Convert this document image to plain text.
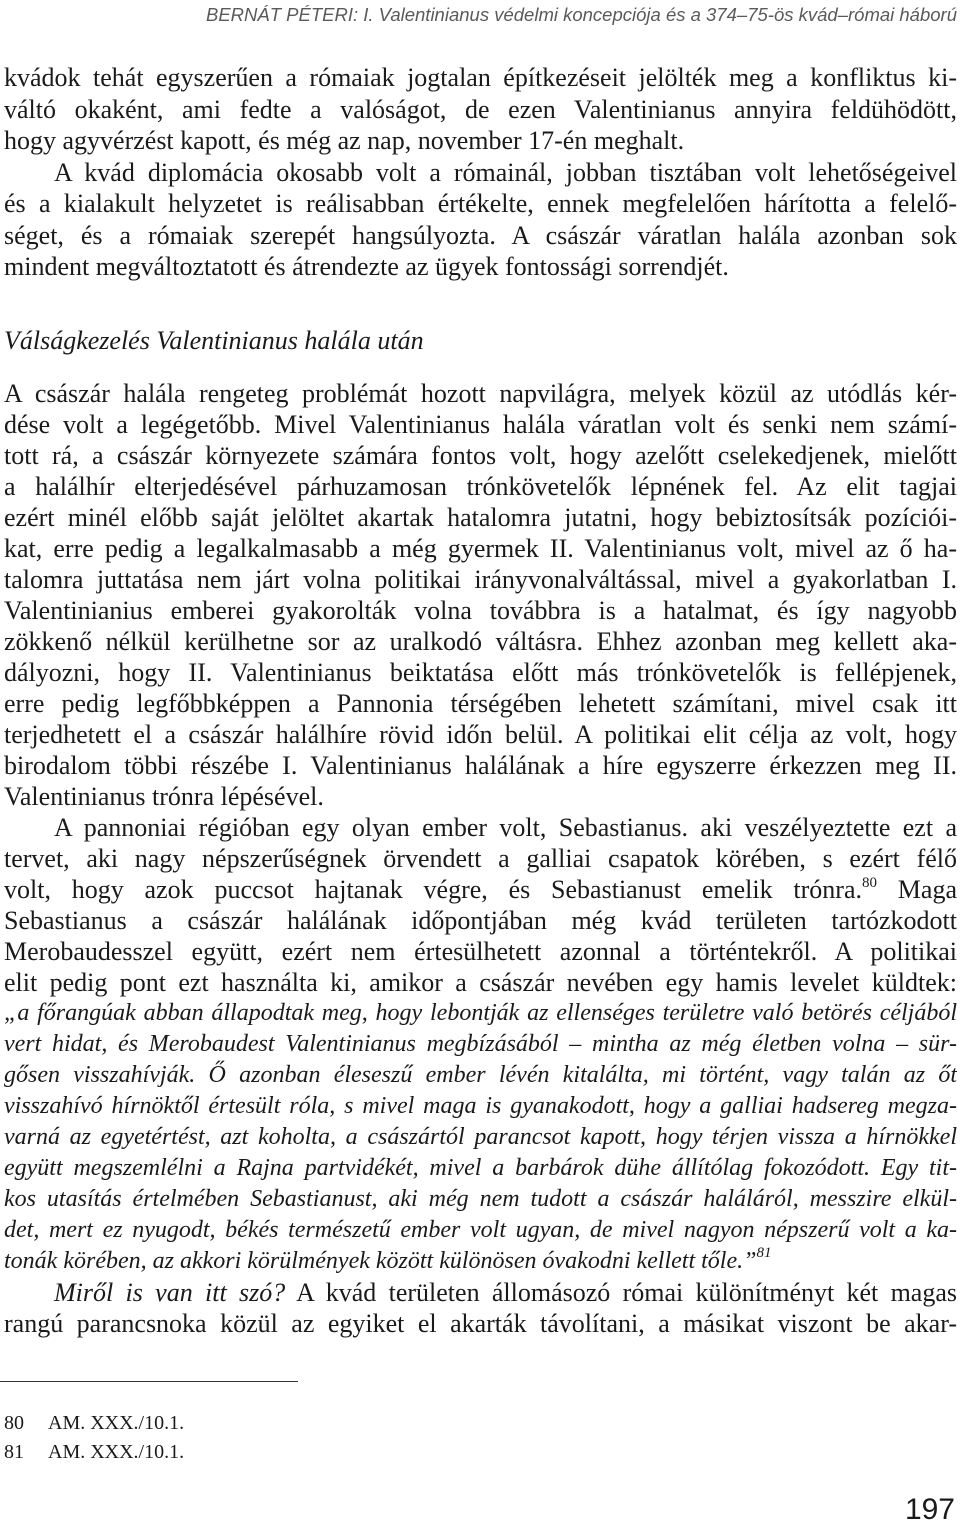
BERNÁT PÉTERI: I. Valentinianus védelmi koncepciója és a 374–75-ös kvád–római háború
kvádok tehát egyszerűen a rómaiak jogtalan építkezéseit jelölték meg a konfliktus ki-
váltó okaként, ami fedte a valóságot, de ezen Valentinianus annyira feldühödött,
hogy agyvérzést kapott, és még az nap, november 17-én meghalt.
A kvád diplomácia okosabb volt a rómainál, jobban tisztában volt lehetőségeivel
és a kialakult helyzetet is reálisabban értékelte, ennek megfelelően hárította a felelő-
séget, és a rómaiak szerepét hangsúlyozta. A császár váratlan halála azonban sok
mindent megváltoztatott és átrendezte az ügyek fontossági sorrendjét.
Válságkezelés Valentinianus halála után
A császár halála rengeteg problémát hozott napvilágra, melyek közül az utódlás kér-
dése volt a legégetőbb. Mivel Valentinianus halála váratlan volt és senki nem számí-
tott rá, a császár környezete számára fontos volt, hogy azelőtt cselekedjenek, mielőtt
a halálhír elterjedésével párhuzamosan trónkövetelők lépnének fel. Az elit tagjai
ezért minél előbb saját jelöltet akartak hatalomra jutatni, hogy bebiztosítsák pozíciói-
kat, erre pedig a legalkalmasabb a még gyermek II. Valentinianus volt, mivel az ő ha-
talomra juttatása nem járt volna politikai irányvonalváltással, mivel a gyakorlatban I.
Valentinianius emberei gyakorolták volna továbbra is a hatalmat, és így nagyobb
zökkenő nélkül kerülhetne sor az uralkodó váltásra. Ehhez azonban meg kellett aka-
dályozni, hogy II. Valentinianus beiktatása előtt más trónkövetelők is fellépjenek,
erre pedig legfőbbképpen a Pannonia térségében lehetett számítani, mivel csak itt
terjedhetett el a császár halálhíre rövid időn belül. A politikai elit célja az volt, hogy
birodalom többi részébe I. Valentinianus halálának a híre egyszerre érkezzen meg II.
Valentinianus trónra lépésével.
A pannoniai régióban egy olyan ember volt, Sebastianus. aki veszélyeztette ezt a
tervet, aki nagy népszerűségnek örvendett a galliai csapatok körében, s ezért félő
volt, hogy azok puccsot hajtanak végre, és Sebastianust emelik trónra.$^{80}$ Maga
Sebastianus a császár halálának időpontjában még kvád területen tartózkodott
Merobaudesszel együtt, ezért nem értesülhetett azonnal a történtekről. A politikai
elit pedig pont ezt használta ki, amikor a császár nevében egy hamis levelet küldtek:
„a főrangúak abban állapodtak meg, hogy lebontják az ellenséges területre való betörés céljából
vert hidat, és Merobaudest Valentinianus megbízásából – mintha az még életben volna – sür-
gősen visszahívják. Ő azonban éleseszű ember lévén kitalálta, mi történt, vagy talán az őt
visszahívó hírnöktől értesült róla, s mivel maga is gyanakodott, hogy a galliai hadsereg megza-
varná az egyetértést, azt koholta, a császártól parancsot kapott, hogy térjen vissza a hírnökkel
együtt megszemlélni a Rajna partvidékét, mivel a barbárok dühe állítólag fokozódott. Egy tit-
kos utasítás értelmében Sebastianust, aki még nem tudott a császár haláláról, messzire elkül-
det, mert ez nyugodt, békés természetű ember volt ugyan, de mivel nagyon népszerű volt a ka-
tonák körében, az akkori körülmények között különösen óvakodni kellett tőle.”$^{81}$
Miről is van itt szó? A kvád területen állomásozó római különítményt két magas
rangú parancsnoka közül az egyiket el akarták távolítani, a másikat viszont be akar-
80 AM. XXX./10.1.
81 AM. XXX./10.1.
197
